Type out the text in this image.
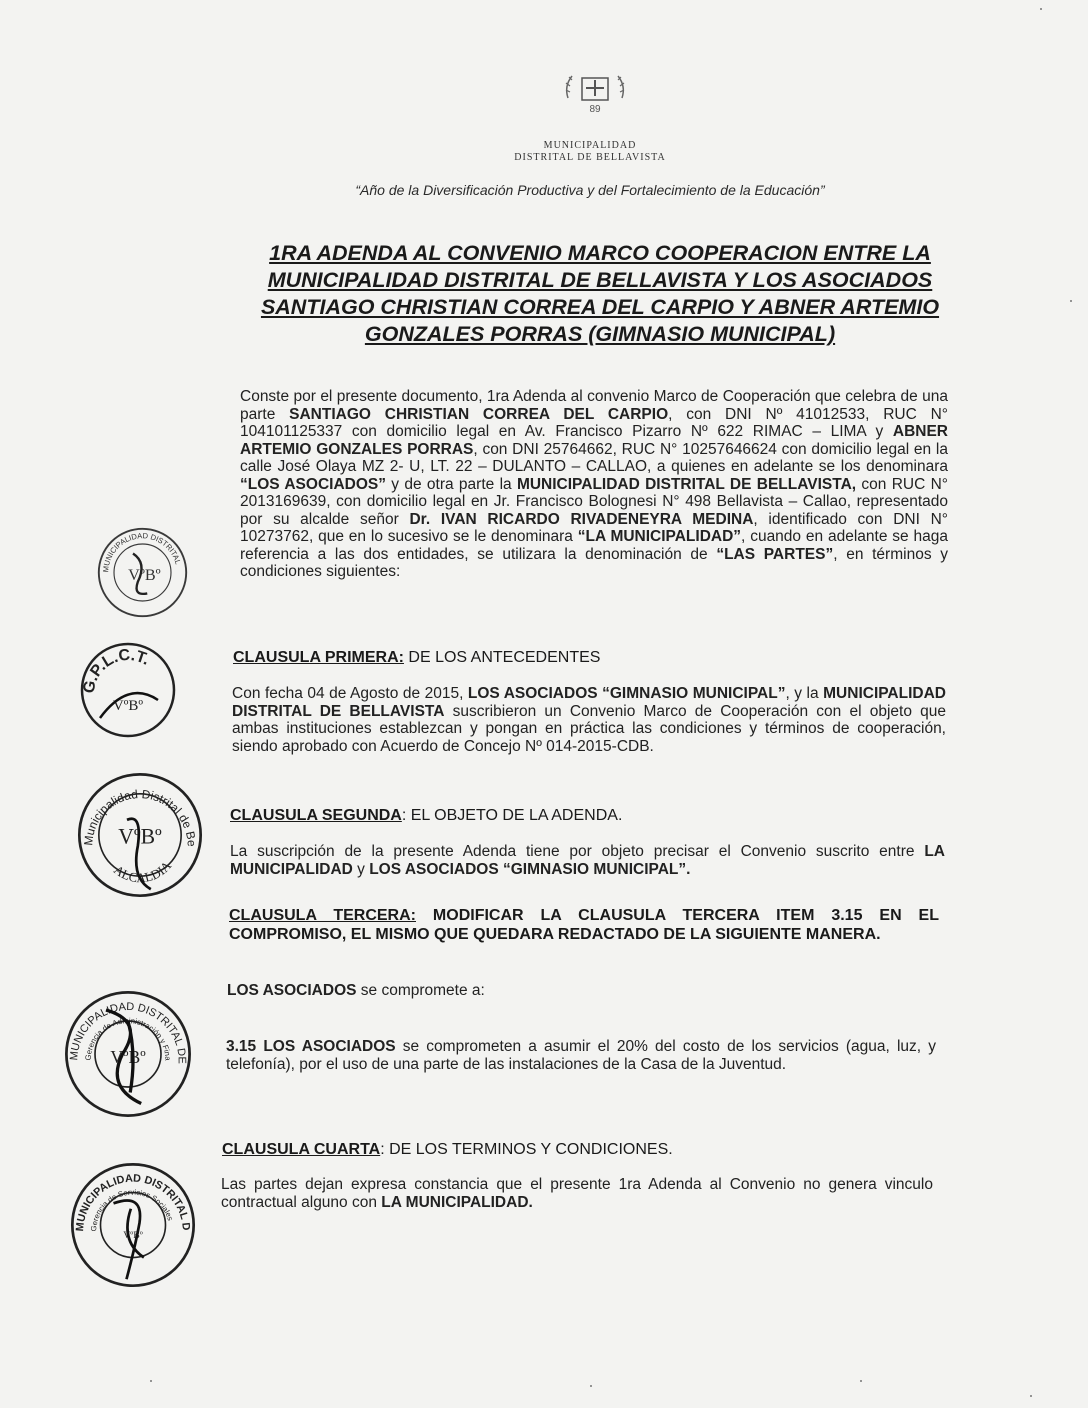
89
MUNICIPALIDAD
DISTRITAL DE BELLAVISTA
“Año de la Diversificación Productiva y del Fortalecimiento de la Educación”
1RA ADENDA AL CONVENIO MARCO COOPERACION ENTRE LA MUNICIPALIDAD DISTRITAL DE BELLAVISTA Y LOS ASOCIADOS SANTIAGO CHRISTIAN CORREA DEL CARPIO Y ABNER ARTEMIO GONZALES PORRAS (GIMNASIO MUNICIPAL)

Conste por el presente documento, 1ra Adenda al convenio Marco de Cooperación que celebra de una parte SANTIAGO CHRISTIAN CORREA DEL CARPIO, con DNI Nº 41012533, RUC N° 104101125337 con domicilio legal en Av. Francisco Pizarro Nº 622 RIMAC – LIMA y ABNER ARTEMIO GONZALES PORRAS, con DNI 25764662, RUC N° 10257646624 con domicilio legal en la calle José Olaya MZ 2- U, LT. 22 – DULANTO – CALLAO, a quienes en adelante se los denominara “LOS ASOCIADOS” y de otra parte la MUNICIPALIDAD DISTRITAL DE BELLAVISTA, con RUC N° 2013169639, con domicilio legal en Jr. Francisco Bolognesi N° 498 Bellavista – Callao, representado por su alcalde señor Dr. IVAN RICARDO RIVADENEYRA MEDINA, identificado con DNI N° 10273762, que en lo sucesivo se le denominara “LA MUNICIPALIDAD”, cuando en adelante se haga referencia a las dos entidades, se utilizara la denominación de “LAS PARTES”, en términos y condiciones siguientes:

CLAUSULA PRIMERA: DE LOS ANTECEDENTES

Con fecha 04 de Agosto de 2015, LOS ASOCIADOS “GIMNASIO MUNICIPAL”, y la MUNICIPALIDAD DISTRITAL DE BELLAVISTA suscribieron un Convenio Marco de Cooperación con el objeto que ambas instituciones establezcan y pongan en práctica las condiciones y términos de cooperación, siendo aprobado con Acuerdo de Concejo Nº 014-2015-CDB.

CLAUSULA SEGUNDA: EL OBJETO DE LA ADENDA.

La suscripción de la presente Adenda tiene por objeto precisar el Convenio suscrito entre LA MUNICIPALIDAD y LOS ASOCIADOS “GIMNASIO MUNICIPAL”.

CLAUSULA TERCERA: MODIFICAR LA CLAUSULA TERCERA ITEM 3.15 EN EL COMPROMISO, EL MISMO QUE QUEDARA REDACTADO DE LA SIGUIENTE MANERA.

LOS ASOCIADOS se compromete a:

3.15 LOS ASOCIADOS se comprometen a asumir el 20% del costo de los servicios (agua, luz, y telefonía), por el uso de una parte de las instalaciones de la Casa de la Juventud.

CLAUSULA CUARTA: DE LOS TERMINOS Y CONDICIONES.

Las partes dejan expresa constancia que el presente 1ra Adenda al Convenio no genera vinculo contractual alguno con LA MUNICIPALIDAD.

MUNICIPALIDAD DISTRITAL
VºBº
G.P.L.C.T.
VºBº
Municipalidad Distrital de Be
ALCALDIA
VºBº
MUNICIPALIDAD DISTRITAL DE
Gerencia de Administración y Fina
VºBº
MUNICIPALIDAD DISTRITAL D
Gerencia de Servicios Sociales
VºBº
